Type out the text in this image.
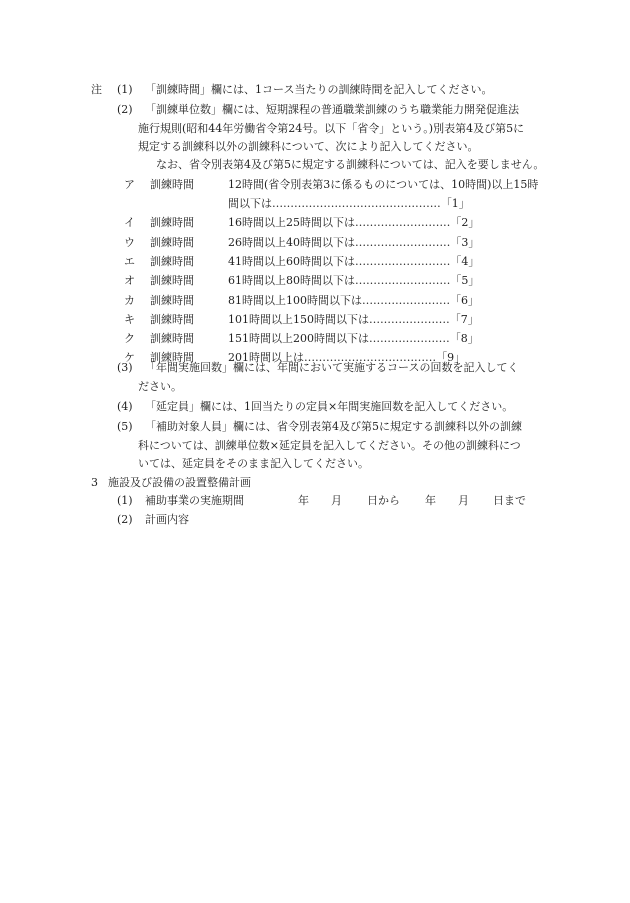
注 (1) 「訓練時間」欄には、1コース当たりの訓練時間を記入してください。
(2) 「訓練単位数」欄には、短期課程の普通職業訓練のうち職業能力開発促進法
施行規則(昭和44年労働省令第24号。以下「省令」という。)別表第4及び第5に
規定する訓練科以外の訓練科について、次により記入してください。
なお、省令別表第4及び第5に規定する訓練科については、記入を要しません。
ア 訓練時間	12時間(省令別表第3に係るものについては、10時間)以上15時
間以下は‥‥‥‥‥‥‥‥‥‥‥‥‥‥‥‥‥‥‥‥‥‥‥「1」
イ 訓練時間	16時間以上25時間以下は‥‥‥‥‥‥‥‥‥‥‥‥‥「2」
ウ 訓練時間	26時間以上40時間以下は‥‥‥‥‥‥‥‥‥‥‥‥‥「3」
エ 訓練時間	41時間以上60時間以下は‥‥‥‥‥‥‥‥‥‥‥‥‥「4」
オ 訓練時間	61時間以上80時間以下は‥‥‥‥‥‥‥‥‥‥‥‥‥「5」
カ 訓練時間	81時間以上100時間以下は‥‥‥‥‥‥‥‥‥‥‥‥「6」
キ 訓練時間	101時間以上150時間以下は‥‥‥‥‥‥‥‥‥‥‥「7」
ク 訓練時間	151時間以上200時間以下は‥‥‥‥‥‥‥‥‥‥‥「8」
ケ 訓練時間	201時間以上は‥‥‥‥‥‥‥‥‥‥‥‥‥‥‥‥‥‥「9」
(3) 「年間実施回数」欄には、年間において実施するコースの回数を記入してく
ださい。
(4) 「延定員」欄には、1回当たりの定員×年間実施回数を記入してください。
(5) 「補助対象人員」欄には、省令別表第4及び第5に規定する訓練科以外の訓練
科については、訓練単位数×延定員を記入してください。その他の訓練科につ
いては、延定員をそのまま記入してください。
3 施設及び設備の設置整備計画
(1) 補助事業の実施期間	年 月 日から 年 月 日まで
(2) 計画内容
